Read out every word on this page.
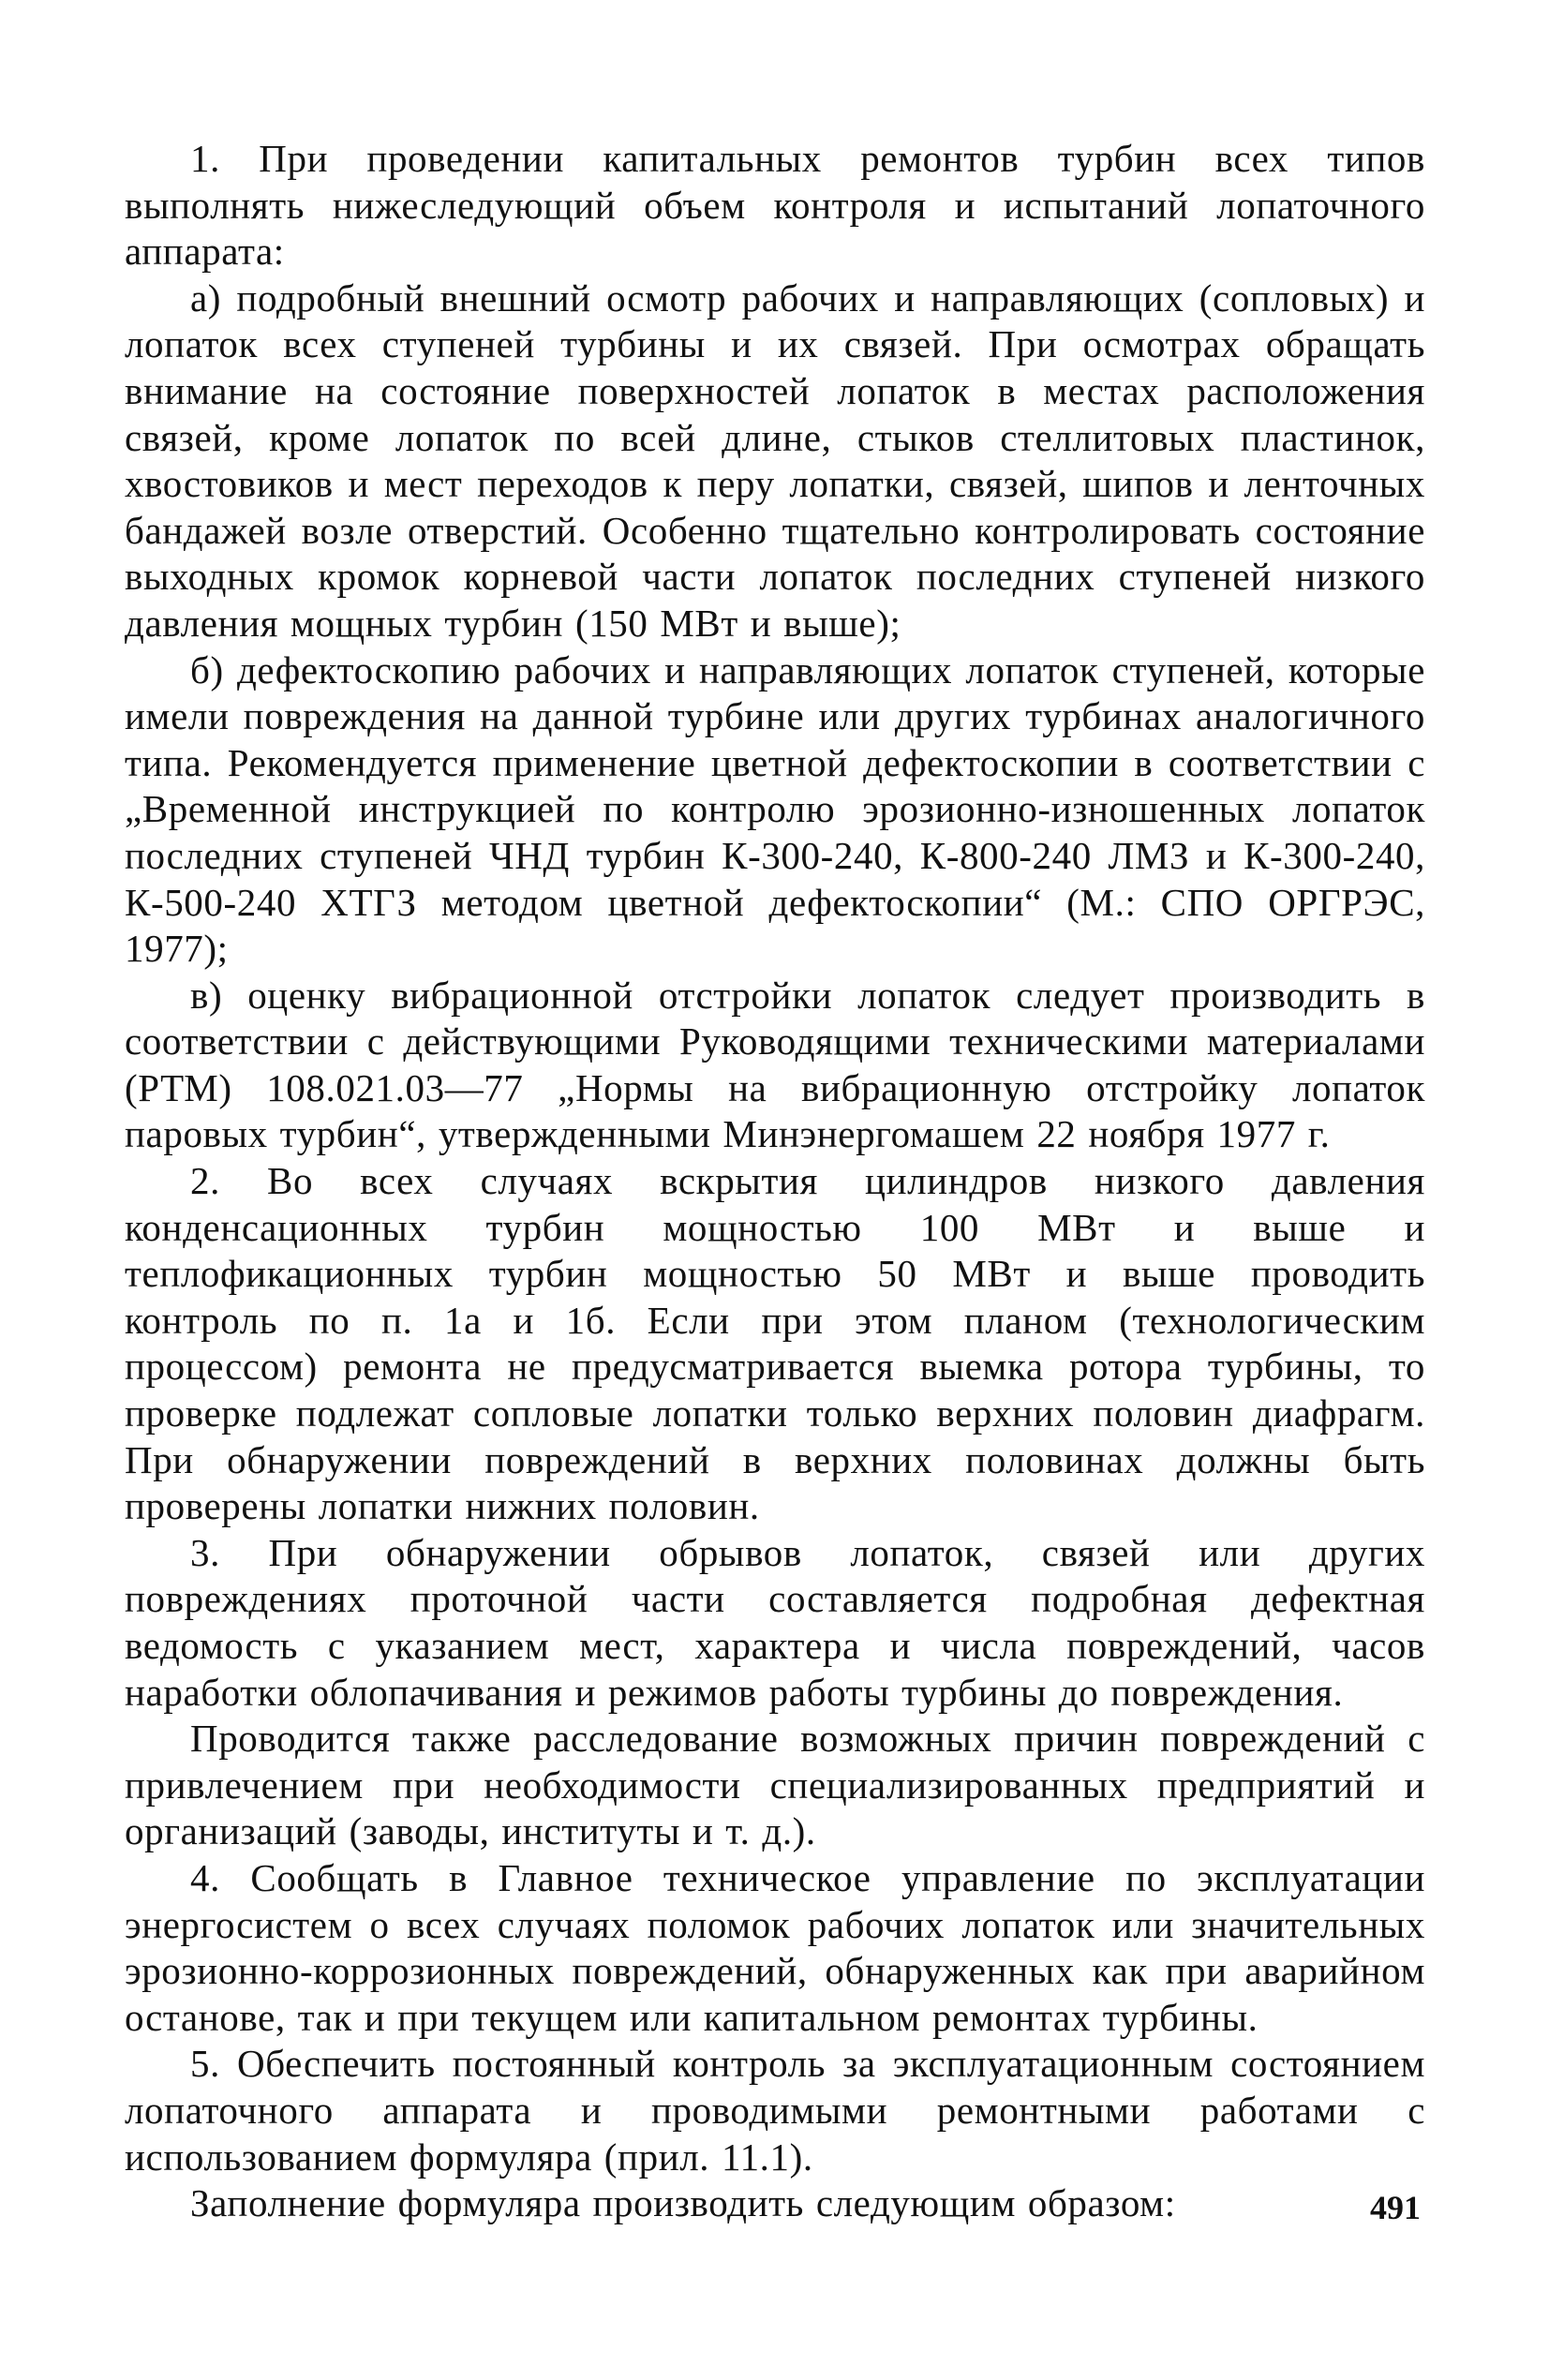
1. При проведении капитальных ремонтов турбин всех типов выполнять нижеследующий объем контроля и испытаний лопаточного аппарата:

а) подробный внешний осмотр рабочих и направляющих (сопловых) и лопаток всех ступеней турбины и их связей. При осмотрах обращать внимание на состояние поверхностей лопаток в местах расположения связей, кроме лопаток по всей длине, стыков стеллитовых пластинок, хвостовиков и мест переходов к перу лопатки, связей, шипов и ленточных бандажей возле отверстий. Особенно тщательно контролировать состояние выходных кромок корневой части лопаток последних ступеней низкого давления мощных турбин (150 МВт и выше);

б) дефектоскопию рабочих и направляющих лопаток ступеней, которые имели повреждения на данной турбине или других турбинах аналогичного типа. Рекомендуется применение цветной дефектоскопии в соответствии с „Временной инструкцией по контролю эрозионно-изношенных лопаток последних ступеней ЧНД турбин К-300-240, К-800-240 ЛМЗ и К-300-240, К-500-240 ХТГЗ методом цветной дефектоскопии“ (М.: СПО ОРГРЭС, 1977);

в) оценку вибрационной отстройки лопаток следует производить в соответствии с действующими Руководящими техническими материалами (РТМ) 108.021.03—77 „Нормы на вибрационную отстройку лопаток паровых турбин“, утвержденными Минэнергомашем 22 ноября 1977 г.

2. Во всех случаях вскрытия цилиндров низкого давления конденсационных турбин мощностью 100 МВт и выше и теплофикационных турбин мощностью 50 МВт и выше проводить контроль по п. 1а и 1б. Если при этом планом (технологическим процессом) ремонта не предусматривается выемка ротора турбины, то проверке подлежат сопловые лопатки только верхних половин диафрагм. При обнаружении повреждений в верхних половинах должны быть проверены лопатки нижних половин.

3. При обнаружении обрывов лопаток, связей или других повреждениях проточной части составляется подробная дефектная ведомость с указанием мест, характера и числа повреждений, часов наработки облопачивания и режимов работы турбины до повреждения.

Проводится также расследование возможных причин повреждений с привлечением при необходимости специализированных предприятий и организаций (заводы, институты и т. д.).

4. Сообщать в Главное техническое управление по эксплуатации энергосистем о всех случаях поломок рабочих лопаток или значительных эрозионно-коррозионных повреждений, обнаруженных как при аварийном останове, так и при текущем или капитальном ремонтах турбины.

5. Обеспечить постоянный контроль за эксплуатационным состоянием лопаточного аппарата и проводимыми ремонтными работами с использованием формуляра (прил. 11.1).

Заполнение формуляра производить следующим образом:	491
